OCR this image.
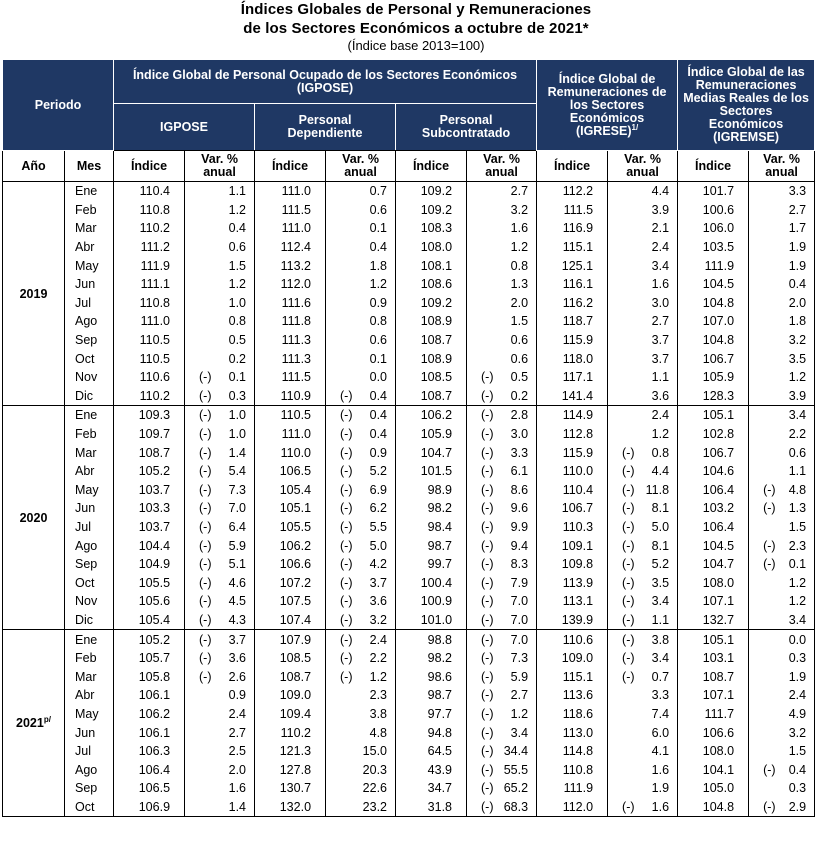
Índices Globales de Personal y Remuneraciones
de los Sectores Económicos a octubre de 2021*
(Índice base 2013=100)
Periodo		Índice Global de Personal Ocupado de los Sectores Económicos (IGPOSE)						Índice Global de Remuneraciones de los Sectores Económicos (IGRESE)$^{1/}$		Índice Global de las Remuneraciones Medias Reales de los Sectores Económicos (IGREMSE)	
		IGPOSE		Personal Dependiente		Personal Subcontratado					

Año	Mes	Índice	Var. %
anual	Índice	Var. %
anual	Índice	Var. %
anual	Índice	Var. %
anual	Índice	Var. %
anual
2019	Ene	110.4	1.1	111.0	0.7	109.2	2.7	112.2	4.4	101.7	3.3
	Feb	110.8	1.2	111.5	0.6	109.2	3.2	111.5	3.9	100.6	2.7
	Mar	110.2	0.4	111.0	0.1	108.3	1.6	116.9	2.1	106.0	1.7
	Abr	111.2	0.6	112.4	0.4	108.0	1.2	115.1	2.4	103.5	1.9
	May	111.9	1.5	113.2	1.8	108.1	0.8	125.1	3.4	111.9	1.9
	Jun	111.1	1.2	112.0	1.2	108.6	1.3	116.1	1.6	104.5	0.4
	Jul	110.8	1.0	111.6	0.9	109.2	2.0	116.2	3.0	104.8	2.0
	Ago	111.0	0.8	111.8	0.8	108.9	1.5	118.7	2.7	107.0	1.8
	Sep	110.5	0.5	111.3	0.6	108.7	0.6	115.9	3.7	104.8	3.2
	Oct	110.5	0.2	111.3	0.1	108.9	0.6	118.0	3.7	106.7	3.5
	Nov	110.6	(-) 0.1	111.5	0.0	108.5	(-) 0.5	117.1	1.1	105.9	1.2
	Dic	110.2	(-) 0.3	110.9	(-) 0.4	108.7	(-) 0.2	141.4	3.6	128.3	3.9
2020	Ene	109.3	(-) 1.0	110.5	(-) 0.4	106.2	(-) 2.8	114.9	2.4	105.1	3.4
	Feb	109.7	(-) 1.0	111.0	(-) 0.4	105.9	(-) 3.0	112.8	1.2	102.8	2.2
	Mar	108.7	(-) 1.4	110.0	(-) 0.9	104.7	(-) 3.3	115.9	(-) 0.8	106.7	0.6
	Abr	105.2	(-) 5.4	106.5	(-) 5.2	101.5	(-) 6.1	110.0	(-) 4.4	104.6	1.1
	May	103.7	(-) 7.3	105.4	(-) 6.9	98.9	(-) 8.6	110.4	(-) 11.8	106.4	(-) 4.8
	Jun	103.3	(-) 7.0	105.1	(-) 6.2	98.2	(-) 9.6	106.7	(-) 8.1	103.2	(-) 1.3
	Jul	103.7	(-) 6.4	105.5	(-) 5.5	98.4	(-) 9.9	110.3	(-) 5.0	106.4	1.5
	Ago	104.4	(-) 5.9	106.2	(-) 5.0	98.7	(-) 9.4	109.1	(-) 8.1	104.5	(-) 2.3
	Sep	104.9	(-) 5.1	106.6	(-) 4.2	99.7	(-) 8.3	109.8	(-) 5.2	104.7	(-) 0.1
	Oct	105.5	(-) 4.6	107.2	(-) 3.7	100.4	(-) 7.9	113.9	(-) 3.5	108.0	1.2
	Nov	105.6	(-) 4.5	107.5	(-) 3.6	100.9	(-) 7.0	113.1	(-) 3.4	107.1	1.2
	Dic	105.4	(-) 4.3	107.4	(-) 3.2	101.0	(-) 7.0	139.9	(-) 1.1	132.7	3.4
$2021^{p/}$	Ene	105.2	(-) 3.7	107.9	(-) 2.4	98.8	(-) 7.0	110.6	(-) 3.8	105.1	0.0
	Feb	105.7	(-) 3.6	108.5	(-) 2.2	98.2	(-) 7.3	109.0	(-) 3.4	103.1	0.3
	Mar	105.8	(-) 2.6	108.7	(-) 1.2	98.6	(-) 5.9	115.1	(-) 0.7	108.7	1.9
	Abr	106.1	0.9	109.0	2.3	98.7	(-) 2.7	113.6	3.3	107.1	2.4
	May	106.2	2.4	109.4	3.8	97.7	(-) 1.2	118.6	7.4	111.7	4.9
	Jun	106.1	2.7	110.2	4.8	94.8	(-) 3.4	113.0	6.0	106.6	3.2
	Jul	106.3	2.5	121.3	15.0	64.5	(-) 34.4	114.8	4.1	108.0	1.5
	Ago	106.4	2.0	127.8	20.3	43.9	(-) 55.5	110.8	1.6	104.1	(-) 0.4
	Sep	106.5	1.6	130.7	22.6	34.7	(-) 65.2	111.9	1.9	105.0	0.3
	Oct	106.9	1.4	132.0	23.2	31.8	(-) 68.3	112.0	(-) 1.6	104.8	(-) 2.9
